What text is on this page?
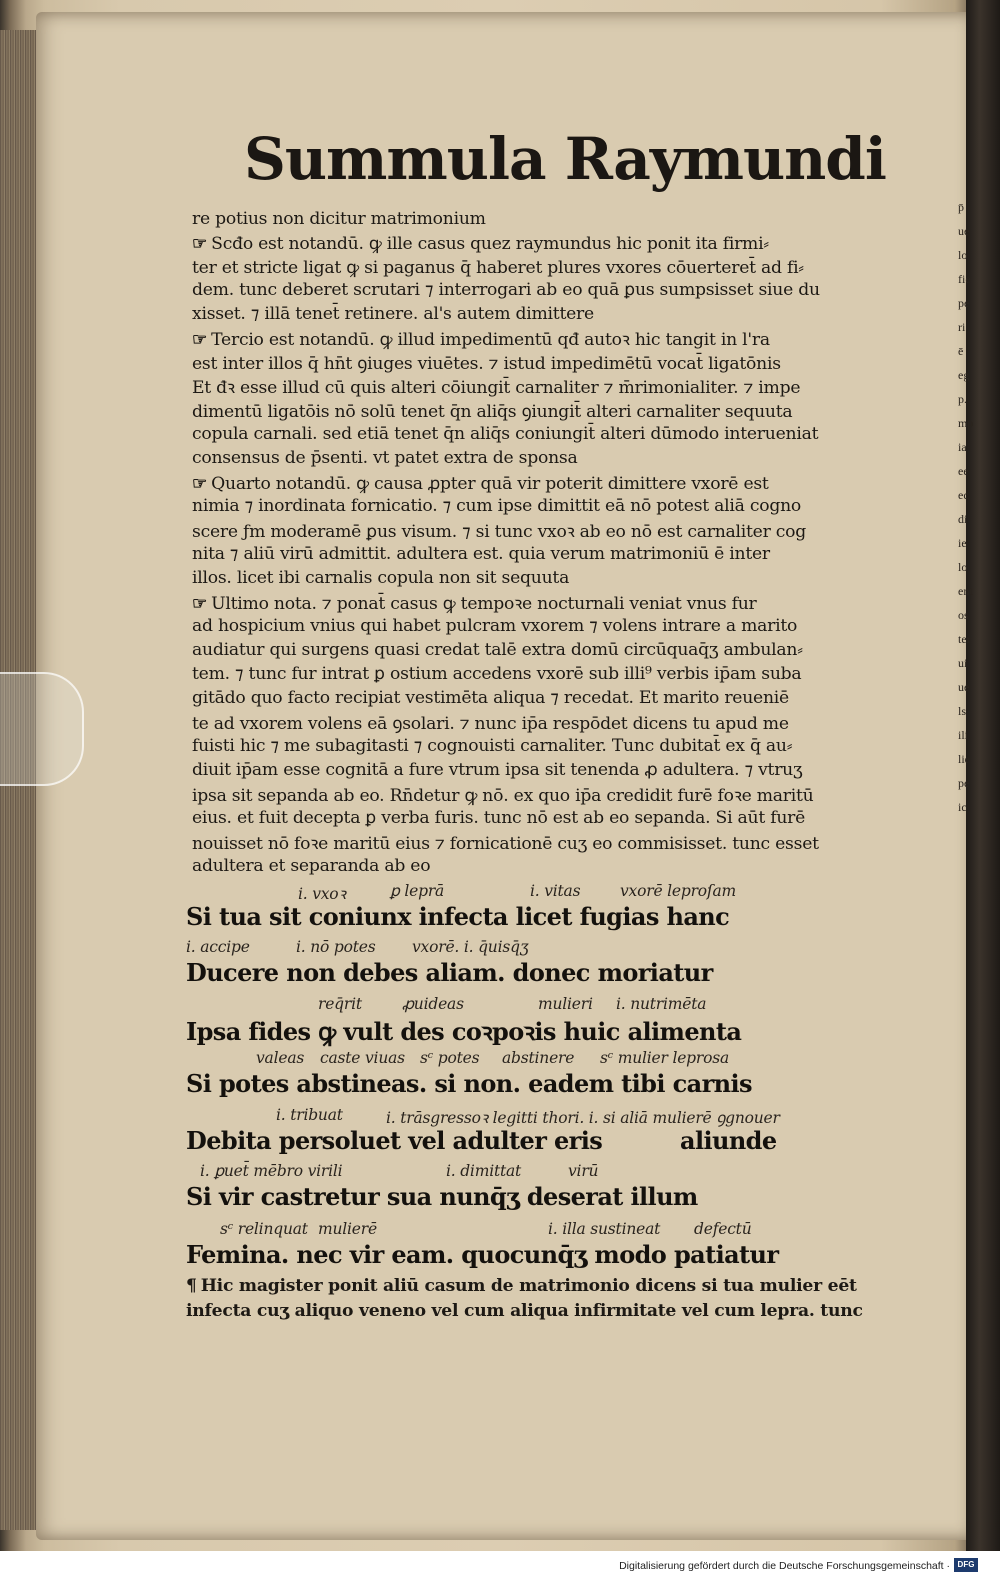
Summula Raymundi
re potius non dicitur matrimonium
☞ Scđo est notandū. ꝙ ille casus quez raymundus hic ponit ita firmi⸗
ter et stricte ligat ꝙ si paganus q̄ haberet plures vxores cōuerteret̄ ad fi⸗
dem. tunc deberet scrutari ⁊ interrogari ab eo quā ꝑus sumpsisset siue du
xisset. ⁊ illā tenet̄ retinere. al's autem dimittere
☞ Tercio est notandū. ꝙ illud impedimentū qđ autoꝛ hic tangit in l'ra
est inter illos q̄ hn̄t ꝯiuges viuētes. ⁊ istud impedimētū vocat̄ ligatōnis
Et đꝛ esse illud cū quis alteri cōiungit̄ carnaliter ⁊ m̄rimonialiter. ⁊ impe
dimentū ligatōis nō solū tenet q̄n aliq̄s ꝯiungit̄ alteri carnaliter sequuta
copula carnali. sed etiā tenet q̄n aliq̄s coniungit̄ alteri dūmodo interueniat
consensus de p̄senti. vt patet extra de sponsa
☞ Quarto notandū. ꝙ causa ꝓpter quā vir poterit dimittere vxorē est
nimia ⁊ inordinata fornicatio. ⁊ cum ipse dimittit eā nō potest aliā cogno
scere ƒm moderamē ꝑus visum. ⁊ si tunc vxoꝛ ab eo nō est carnaliter cog
nita ⁊ aliū virū admittit. adultera est. quia verum matrimoniū ē inter
illos. licet ibi carnalis copula non sit sequuta
☞ Ultimo nota. ⁊ ponat̄ casus ꝙ tempoꝛe nocturnali veniat vnus fur
ad hospicium vnius qui habet pulcram vxorem ⁊ volens intrare a marito
audiatur qui surgens quasi credat talē extra domū circūquaq̄ʒ ambulan⸗
tem. ⁊ tunc fur intrat ꝑ ostium accedens vxorē sub illi⁹ verbis ip̄am suba
gitādo quo facto recipiat vestimēta aliqua ⁊ recedat. Et marito reueniē
te ad vxorem volens eā ꝯsolari. ⁊ nunc ip̄a respōdet dicens tu apud me
fuisti hic ⁊ me subagitasti ⁊ cognouisti carnaliter. Tunc dubitat̄ ex q̄ au⸗
diuit ip̄am esse cognitā a fure vtrum ipsa sit tenenda ꝓ adultera. ⁊ vtruʒ
ipsa sit sepanda ab eo. Rn̄detur ꝙ nō. ex quo ip̄a credidit furē foꝛe maritū
eius. et fuit decepta ꝑ verba furis. tunc nō est ab eo sepanda. Si aūt furē
nouisset nō foꝛe maritū eius ⁊ fornicationē cuʒ eo commisisset. tunc esset
adultera et separanda ab eo
i. vxoꝛ	ꝑ leprā	i. vitas	vxorē leproſam
Si tua sit coniunx infecta licet fugias hanc
i. accipe	i. nō potes vxorē. i. q̄uisq̄ʒ
Ducere non debes aliam. donec moriatur
req̄rit	ꝓuideas	mulieri i. nutrimēta
Ipsa fides ꝙ vult des coꝛpoꝛis huic alimenta
valeas caste viuas sᶜ potes abstinere sᶜ mulier leprosa
Si potes abstineas. si non. eadem tibi carnis
i. tribuat	i. trāsgressoꝛ legitti thori. i. si aliā mulierē ꝯgnouer
Debita persoluet vel adulter eris	aliunde
i. ꝑuet̄ mēbro virili	i. dimittat	virū
Si vir castretur sua nunq̄ʒ deserat illum
sᶜ relinquat mulierē	i. illa sustineat defectū
Femina. nec vir eam. quocunq̄ʒ modo patiatur
¶ Hic magister ponit aliū casum de matrimonio dicens si tua mulier eēt
infecta cuʒ aliquo veneno vel cum aliqua infirmitate vel cum lepra. tunc
p̄
ue
lo
fie
pe
ri
ē
eg
p.
mp
ia
ee
ec
di
ie
lo
ent
os
ter
ui
ue
ls
ili
lie
pe
ic
Digitalisierung gefördert durch die Deutsche Forschungsgemeinschaft · DFG
